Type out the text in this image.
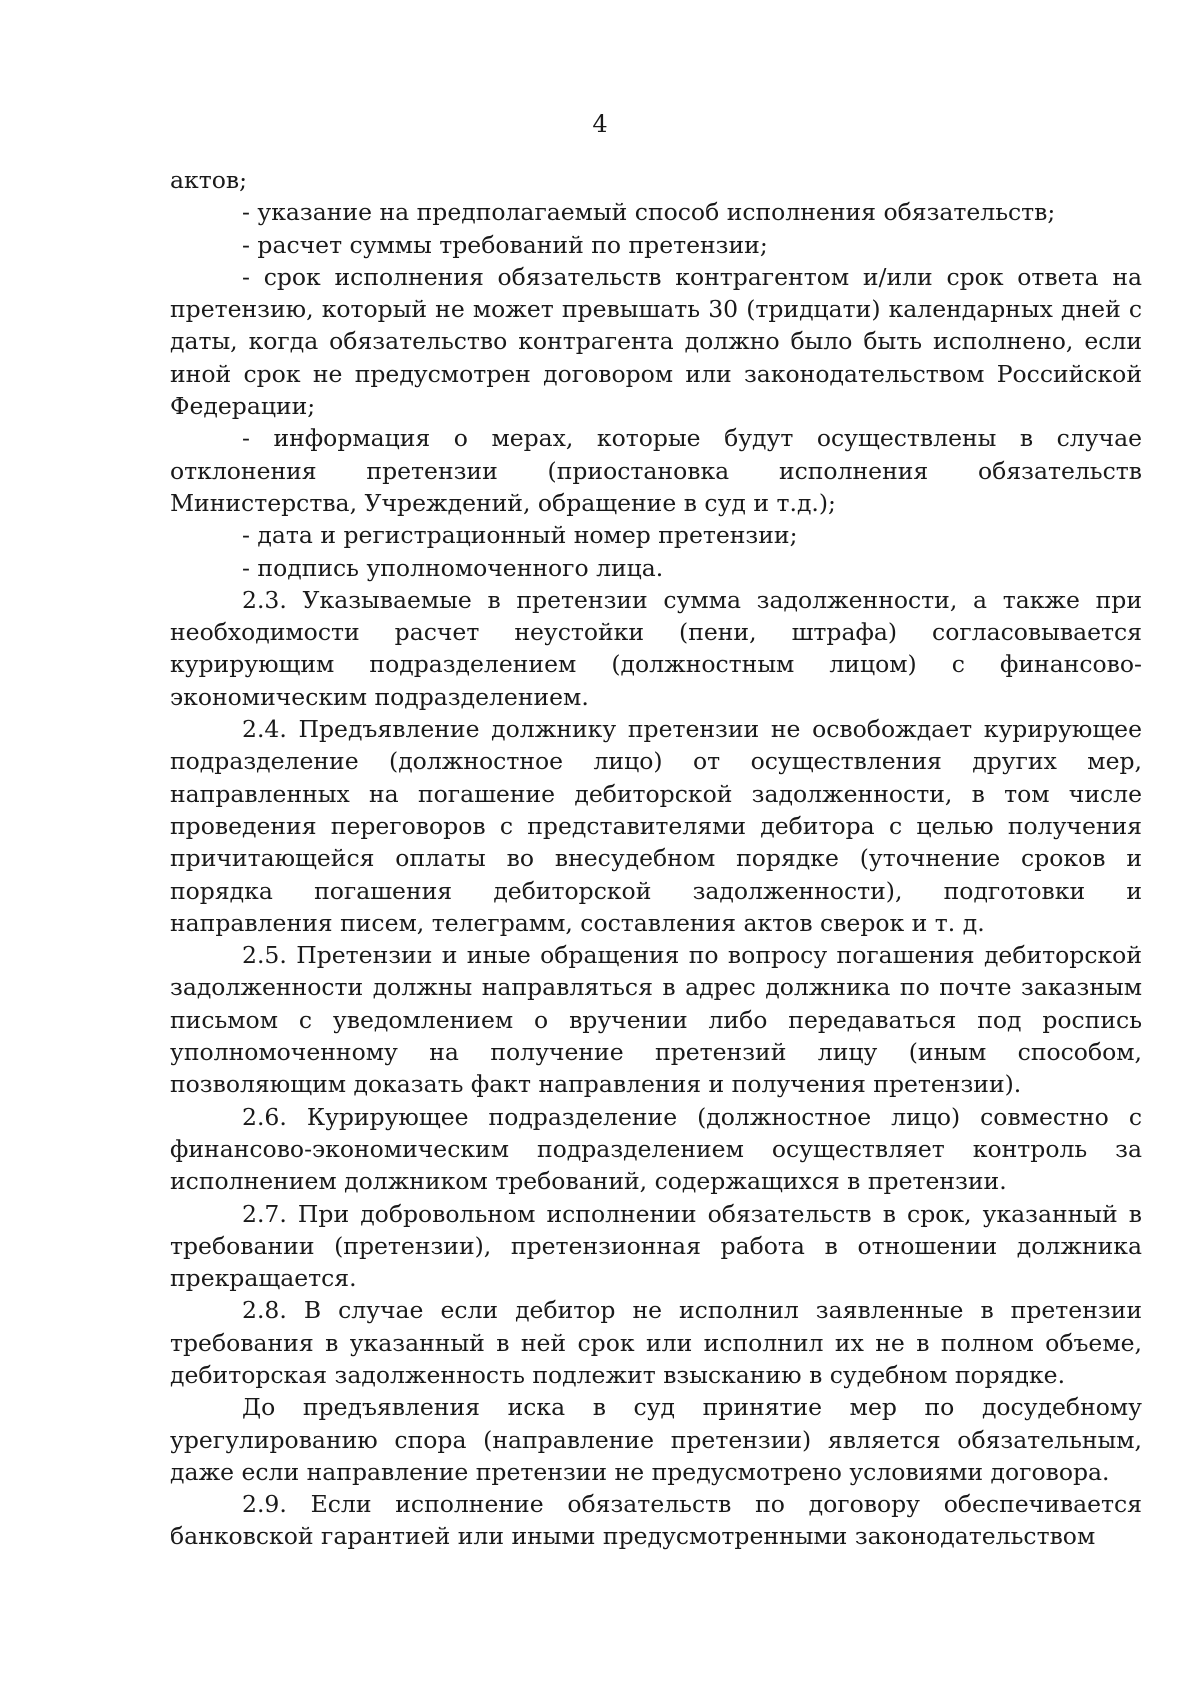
4

актов;

- указание на предполагаемый способ исполнения обязательств;

- расчет суммы требований по претензии;

- срок исполнения обязательств контрагентом и/или срок ответа на претензию, который не может превышать 30 (тридцати) календарных дней с даты, когда обязательство контрагента должно было быть исполнено, если иной срок не предусмотрен договором или законодательством Российской Федерации;

- информация о мерах, которые будут осуществлены в случае отклонения претензии (приостановка исполнения обязательств Министерства, Учреждений, обращение в суд и т.д.);

- дата и регистрационный номер претензии;

- подпись уполномоченного лица.

2.3. Указываемые в претензии сумма задолженности, а также при необходимости расчет неустойки (пени, штрафа) согласовывается курирующим подразделением (должностным лицом) с финансово-экономическим подразделением.

2.4. Предъявление должнику претензии не освобождает курирующее подразделение (должностное лицо) от осуществления других мер, направленных на погашение дебиторской задолженности, в том числе проведения переговоров с представителями дебитора с целью получения причитающейся оплаты во внесудебном порядке (уточнение сроков и порядка погашения дебиторской задолженности), подготовки и направления писем, телеграмм, составления актов сверок и т. д.

2.5. Претензии и иные обращения по вопросу погашения дебиторской задолженности должны направляться в адрес должника по почте заказным письмом с уведомлением о вручении либо передаваться под роспись уполномоченному на получение претензий лицу (иным способом, позволяющим доказать факт направления и получения претензии).

2.6. Курирующее подразделение (должностное лицо) совместно с финансово-экономическим подразделением осуществляет контроль за исполнением должником требований, содержащихся в претензии.

2.7. При добровольном исполнении обязательств в срок, указанный в требовании (претензии), претензионная работа в отношении должника прекращается.

2.8. В случае если дебитор не исполнил заявленные в претензии требования в указанный в ней срок или исполнил их не в полном объеме, дебиторская задолженность подлежит взысканию в судебном порядке.

До предъявления иска в суд принятие мер по досудебному урегулированию спора (направление претензии) является обязательным, даже если направление претензии не предусмотрено условиями договора.

2.9. Если исполнение обязательств по договору обеспечивается банковской гарантией или иными предусмотренными законодательством
